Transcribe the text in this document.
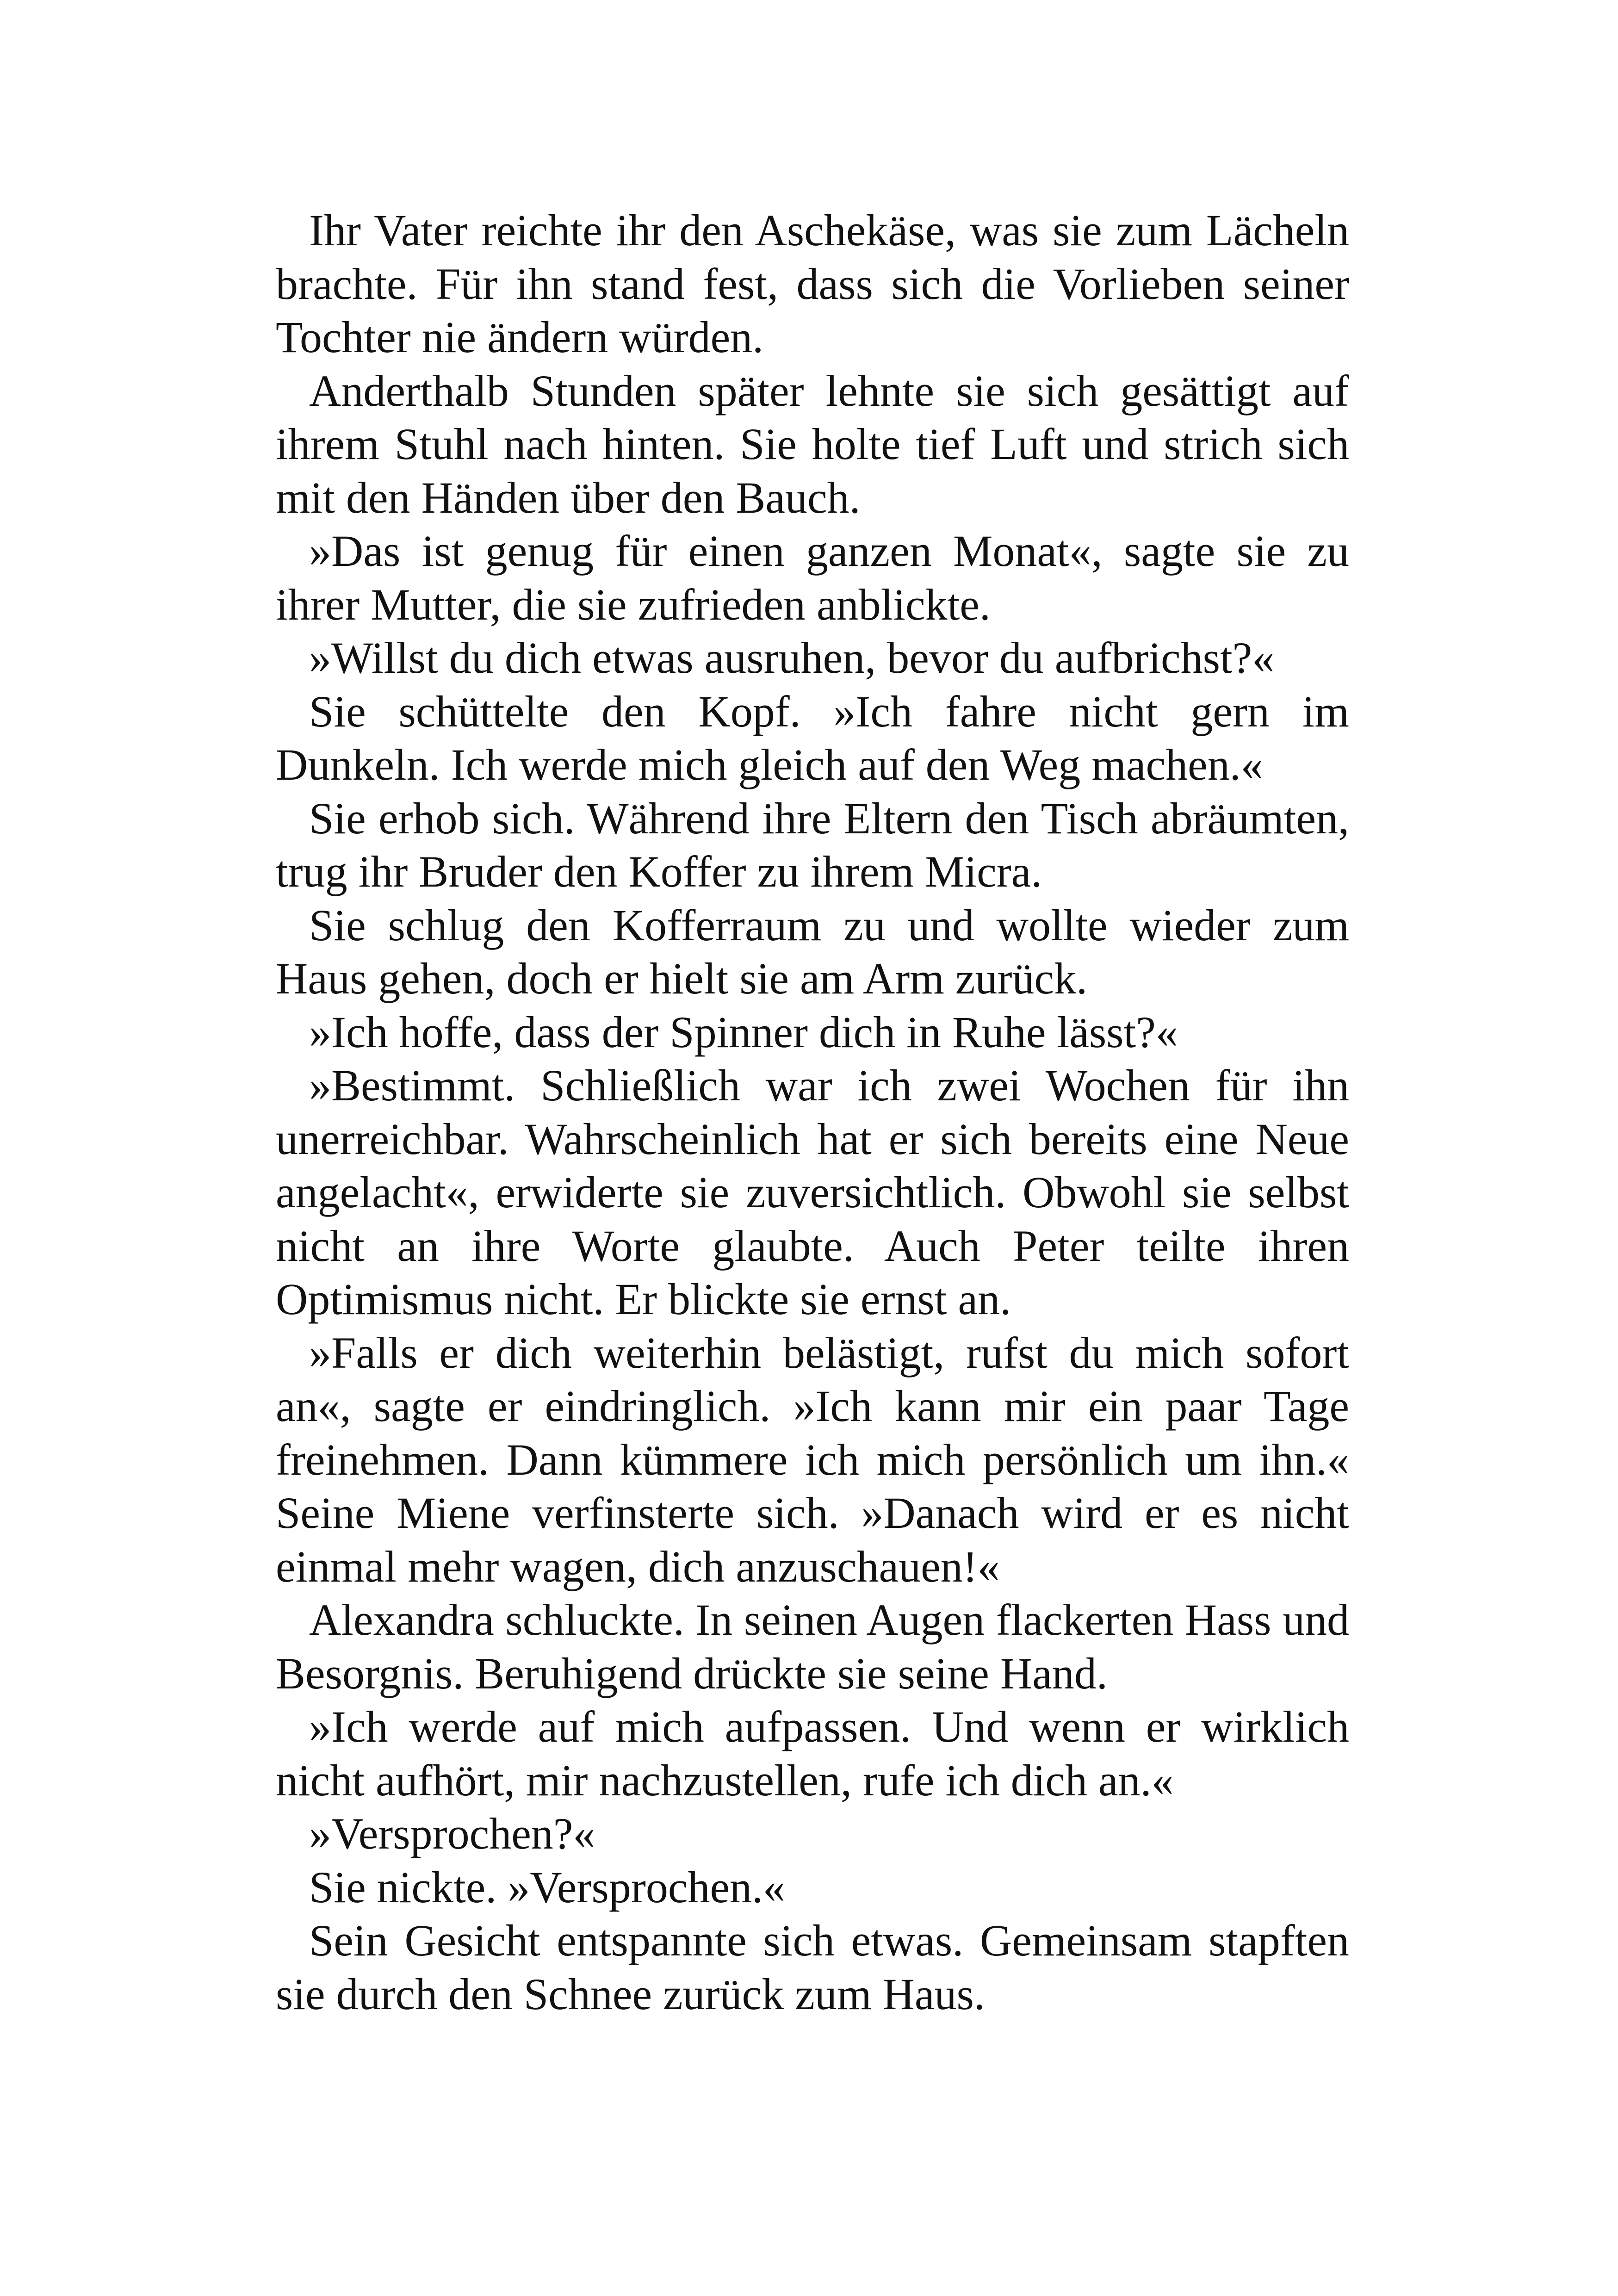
Ihr Vater reichte ihr den Aschekäse, was sie zum Lächeln brachte. Für ihn stand fest, dass sich die Vorlieben seiner Tochter nie ändern würden.

Anderthalb Stunden später lehnte sie sich gesättigt auf ihrem Stuhl nach hinten. Sie holte tief Luft und strich sich mit den Händen über den Bauch.

»Das ist genug für einen ganzen Monat«, sagte sie zu ihrer Mutter, die sie zufrieden anblickte.

»Willst du dich etwas ausruhen, bevor du aufbrichst?«

Sie schüttelte den Kopf. »Ich fahre nicht gern im Dunkeln. Ich werde mich gleich auf den Weg machen.«

Sie erhob sich. Während ihre Eltern den Tisch abräumten, trug ihr Bruder den Koffer zu ihrem Micra.

Sie schlug den Kofferraum zu und wollte wieder zum Haus gehen, doch er hielt sie am Arm zurück.

»Ich hoffe, dass der Spinner dich in Ruhe lässt?«

»Bestimmt. Schließlich war ich zwei Wochen für ihn unerreichbar. Wahrscheinlich hat er sich bereits eine Neue angelacht«, erwiderte sie zuversichtlich. Obwohl sie selbst nicht an ihre Worte glaubte. Auch Peter teilte ihren Optimismus nicht. Er blickte sie ernst an.

»Falls er dich weiterhin belästigt, rufst du mich sofort an«, sagte er eindringlich. »Ich kann mir ein paar Tage freinehmen. Dann kümmere ich mich persönlich um ihn.« Seine Miene verfinsterte sich. »Danach wird er es nicht einmal mehr wagen, dich anzuschauen!«

Alexandra schluckte. In seinen Augen flackerten Hass und Besorgnis. Beruhigend drückte sie seine Hand.

»Ich werde auf mich aufpassen. Und wenn er wirklich nicht aufhört, mir nachzustellen, rufe ich dich an.«

»Versprochen?«

Sie nickte. »Versprochen.«

Sein Gesicht entspannte sich etwas. Gemeinsam stapften sie durch den Schnee zurück zum Haus.
